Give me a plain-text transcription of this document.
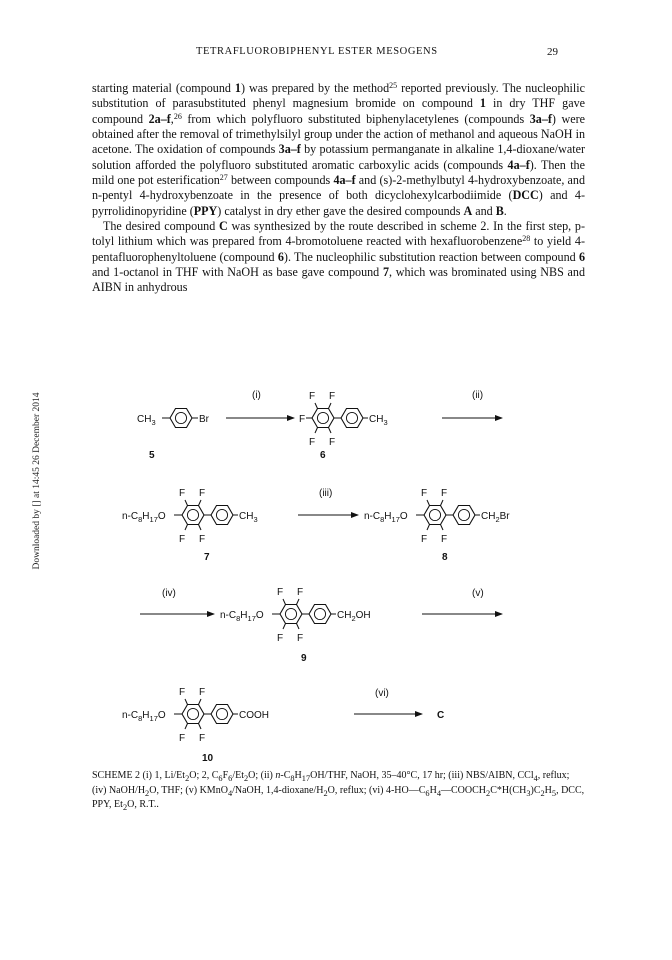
TETRAFLUOROBIPHENYL ESTER MESOGENS	29
Downloaded by [] at 14:45 26 December 2014

starting material (compound 1) was prepared by the method$^{25}$ reported previously. The nucleophilic substitution of parasubstituted phenyl magnesium bromide on compound 1 in dry THF gave compound 2a–f,$^{26}$ from which polyfluoro substituted biphenylacetylenes (compounds 3a–f) were obtained after the removal of trimethylsilyl group under the action of methanol and aqueous NaOH in acetone. The oxidation of compounds 3a–f by potassium permanganate in alkaline 1,4-dioxane/water solution afforded the polyfluoro substituted aromatic carboxylic acids (compounds 4a–f). Then the mild one pot esterification$^{27}$ between compounds 4a–f and (s)-2-methylbutyl 4-hydroxybenzoate, and n-pentyl 4-hydroxybenzoate in the presence of both dicyclohexylcarbodiimide (DCC) and 4-pyrrolidinopyridine (PPY) catalyst in dry ether gave the desired compounds A and B.

The desired compound C was synthesized by the route described in scheme 2. In the first step, p-tolyl lithium which was prepared from 4-bromotoluene reacted with hexafluorobenzene$^{28}$ to yield 4-pentafluorophenyltoluene (compound 6). The nucleophilic substitution reaction between compound 6 and 1-octanol in THF with NaOH as base gave compound 7, which was brominated using NBS and AIBN in anhydrous

$CH_3$	Br
(i)
5
F
F F
F F
$CH_3$
(ii)
6
$n-C_8H_{17}O$
F F
F F
$CH_3$
(iii)
7
$n-C_8H_{17}O$
F F
F F
$CH_2Br$
8
(iv)
$n-C_8H_{17}O$
F F
F F
$CH_2OH$
(v)
9
$n-C_8H_{17}O$
F F
F F
COOH
(vi)
C
10
SCHEME 2 (i) 1, $Li/Et_2O$; 2, $C_6F_6/Et_2O$; (ii) $n-C_8H_{17}OH$/THF, NaOH, 35–40°C, 17 hr; (iii) NBS/AIBN, CCl$_4$, reflux; (iv) NaOH/$H_2O$, THF; (v) KMnO$_4$/NaOH, $1,4-dioxane/H_2O$, reflux; (vi) $4-HO—C_6H_4—COOCH_2C*H(CH_3)C_2H_5$, DCC, PPY, $Et_2O$, R.T..
